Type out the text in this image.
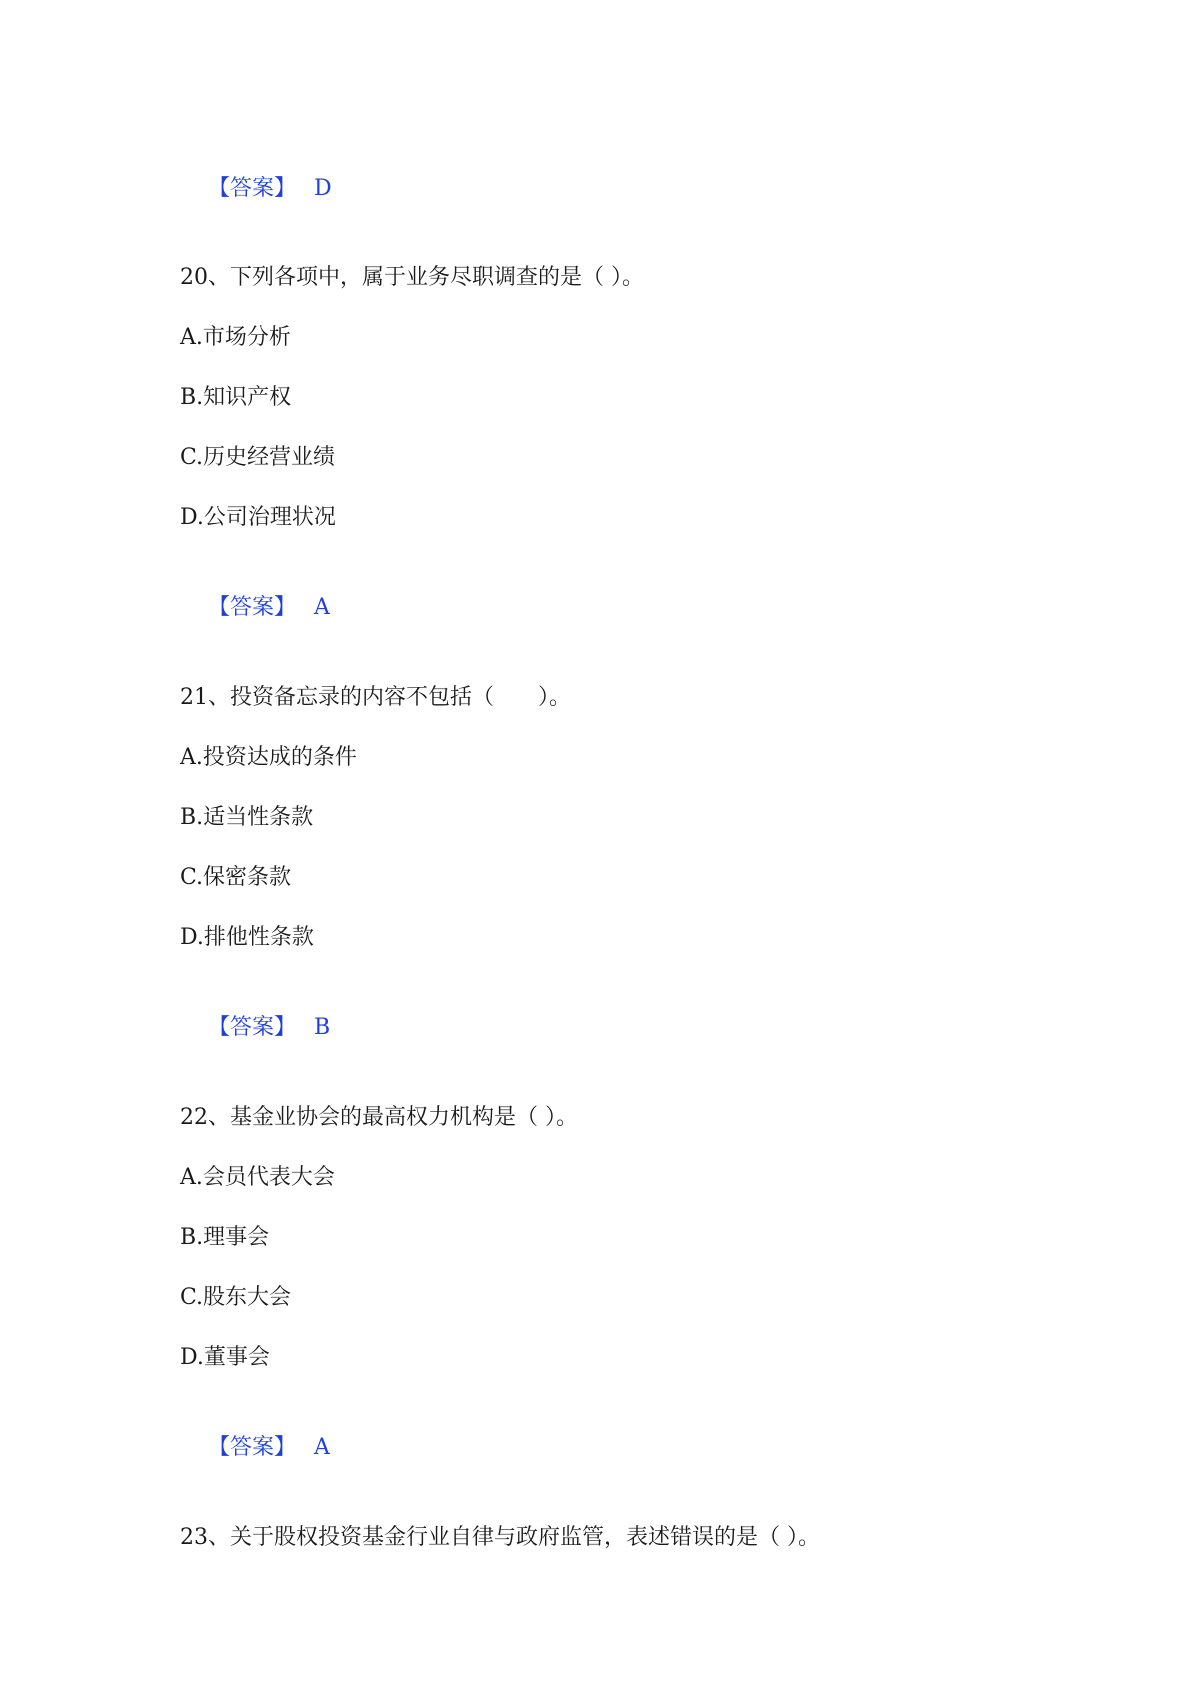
【答案】 D

20、下列各项中，属于业务尽职调查的是（ ）。
A.市场分析
B.知识产权
C.历史经营业绩
D.公司治理状况

【答案】 A

21、投资备忘录的内容不包括（　　）。
A.投资达成的条件
B.适当性条款
C.保密条款
D.排他性条款

【答案】 B

22、基金业协会的最高权力机构是（ ）。
A.会员代表大会
B.理事会
C.股东大会
D.董事会

【答案】 A

23、关于股权投资基金行业自律与政府监管，表述错误的是（ ）。
